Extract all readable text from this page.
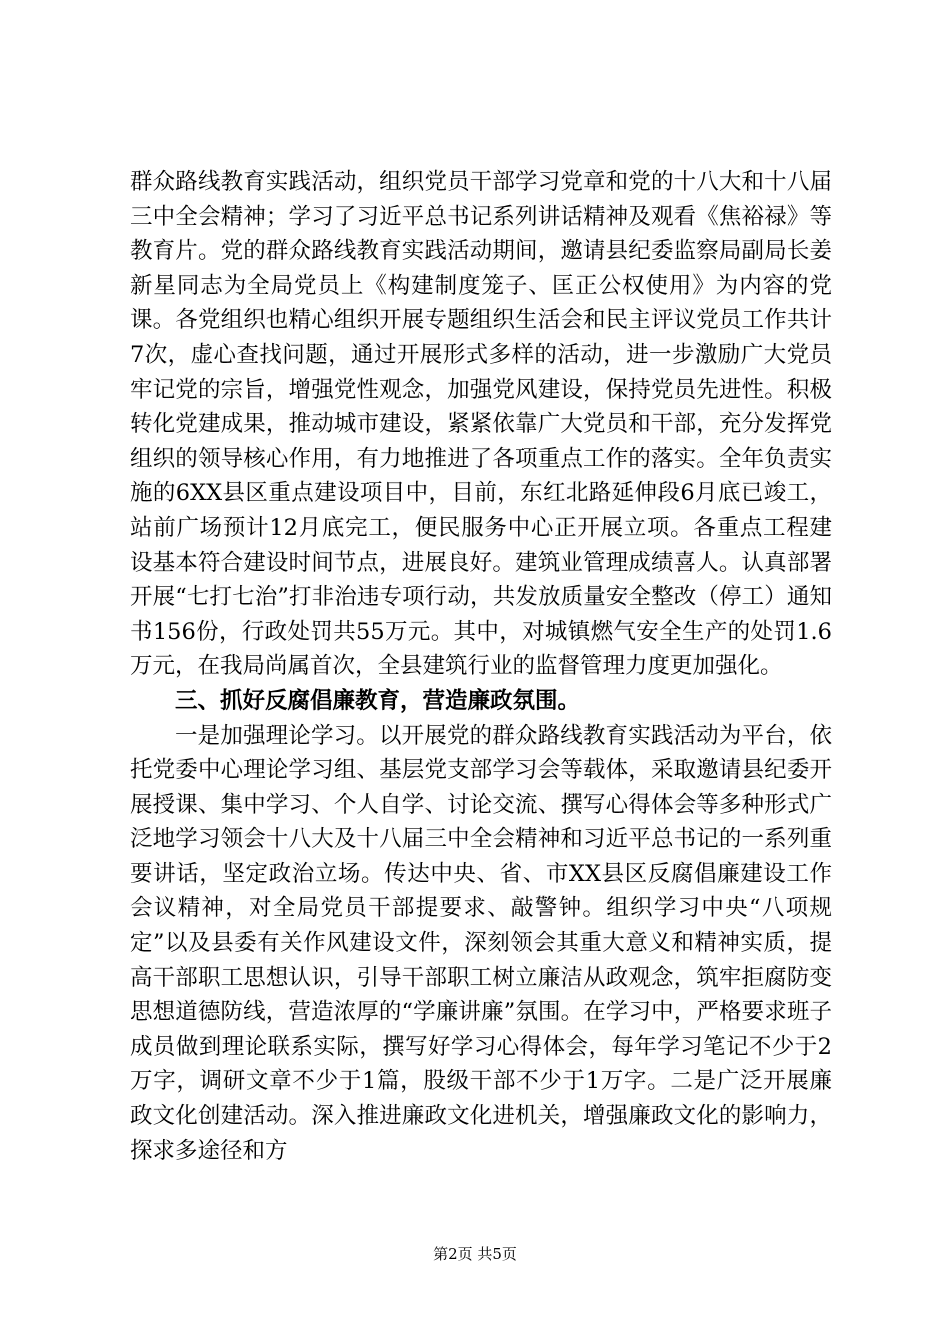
群众路线教育实践活动，组织党员干部学习党章和党的十八大和十八届三中全会精神；学习了习近平总书记系列讲话精神及观看《焦裕禄》等教育片。党的群众路线教育实践活动期间，邀请县纪委监察局副局长姜新星同志为全局党员上《构建制度笼子、匡正公权使用》为内容的党课。各党组织也精心组织开展专题组织生活会和民主评议党员工作共计7次，虚心查找问题，通过开展形式多样的活动，进一步激励广大党员牢记党的宗旨，增强党性观念，加强党风建设，保持党员先进性。积极转化党建成果，推动城市建设，紧紧依靠广大党员和干部，充分发挥党组织的领导核心作用，有力地推进了各项重点工作的落实。全年负责实施的6XX县区重点建设项目中，目前，东红北路延伸段6月底已竣工，站前广场预计12月底完工，便民服务中心正开展立项。各重点工程建设基本符合建设时间节点，进展良好。建筑业管理成绩喜人。认真部署开展“七打七治”打非治违专项行动，共发放质量安全整改（停工）通知书156份，行政处罚共55万元。其中，对城镇燃气安全生产的处罚1.6万元，在我局尚属首次，全县建筑行业的监督管理力度更加强化。

三、抓好反腐倡廉教育，营造廉政氛围。

一是加强理论学习。以开展党的群众路线教育实践活动为平台，依托党委中心理论学习组、基层党支部学习会等载体，采取邀请县纪委开展授课、集中学习、个人自学、讨论交流、撰写心得体会等多种形式广泛地学习领会十八大及十八届三中全会精神和习近平总书记的一系列重要讲话，坚定政治立场。传达中央、省、市XX县区反腐倡廉建设工作会议精神，对全局党员干部提要求、敲警钟。组织学习中央“八项规定”以及县委有关作风建设文件，深刻领会其重大意义和精神实质，提高干部职工思想认识，引导干部职工树立廉洁从政观念，筑牢拒腐防变思想道德防线，营造浓厚的“学廉讲廉”氛围。在学习中，严格要求班子成员做到理论联系实际，撰写好学习心得体会，每年学习笔记不少于2万字，调研文章不少于1篇，股级干部不少于1万字。二是广泛开展廉政文化创建活动。深入推进廉政文化进机关，增强廉政文化的影响力，探求多途径和方

第2页 共5页
